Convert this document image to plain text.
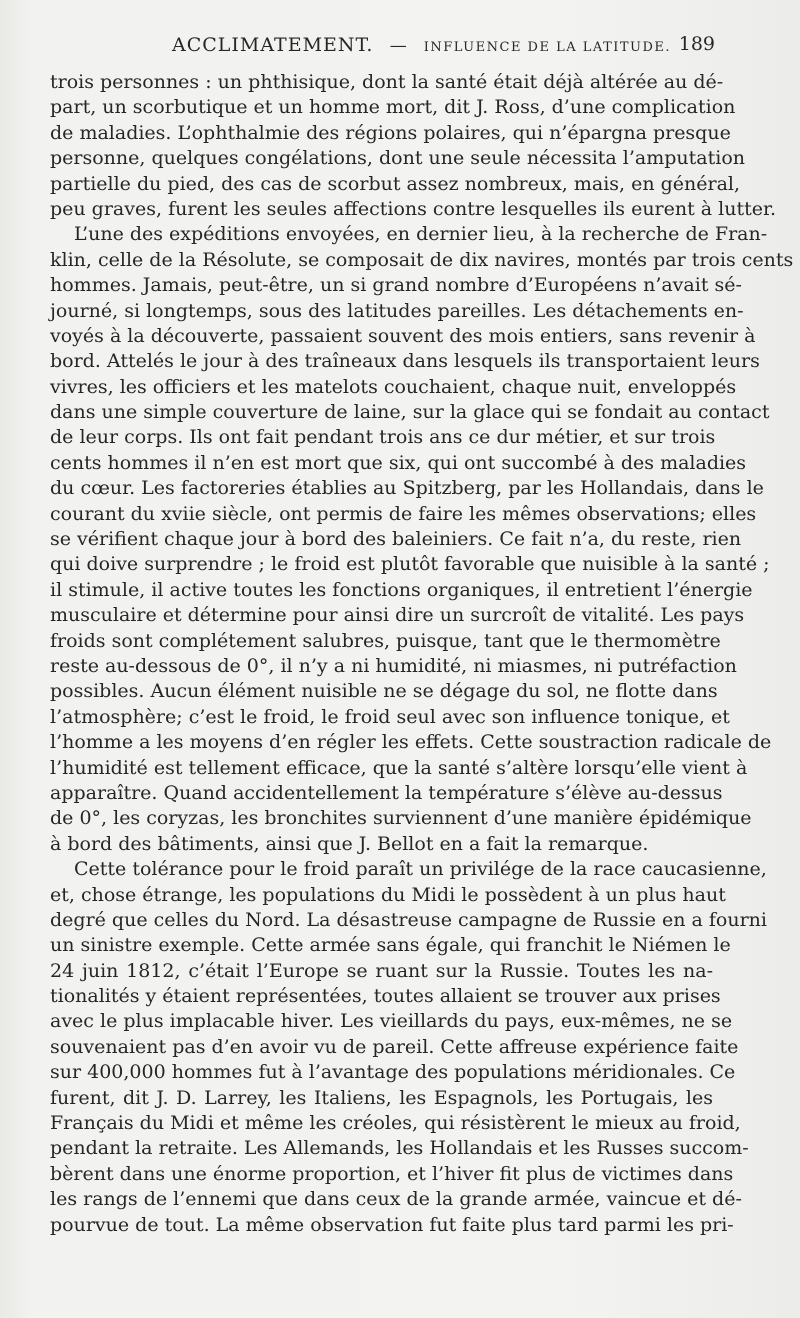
ACCLIMATEMENT. — INFLUENCE DE LA LATITUDE. 189
trois personnes : un phthisique, dont la santé était déjà altérée au dé-
part, un scorbutique et un homme mort, dit J. Ross, d’une complication
de maladies. L’ophthalmie des régions polaires, qui n’épargna presque
personne, quelques congélations, dont une seule nécessita l’amputation
partielle du pied, des cas de scorbut assez nombreux, mais, en général,
peu graves, furent les seules affections contre lesquelles ils eurent à lutter.
L’une des expéditions envoyées, en dernier lieu, à la recherche de Fran-
klin, celle de la Résolute, se composait de dix navires, montés par trois cents
hommes. Jamais, peut-être, un si grand nombre d’Européens n’avait sé-
journé, si longtemps, sous des latitudes pareilles. Les détachements en-
voyés à la découverte, passaient souvent des mois entiers, sans revenir à
bord. Attelés le jour à des traîneaux dans lesquels ils transportaient leurs
vivres, les officiers et les matelots couchaient, chaque nuit, enveloppés
dans une simple couverture de laine, sur la glace qui se fondait au contact
de leur corps. Ils ont fait pendant trois ans ce dur métier, et sur trois
cents hommes il n’en est mort que six, qui ont succombé à des maladies
du cœur. Les factoreries établies au Spitzberg, par les Hollandais, dans le
courant du xviie siècle, ont permis de faire les mêmes observations; elles
se vérifient chaque jour à bord des baleiniers. Ce fait n’a, du reste, rien
qui doive surprendre ; le froid est plutôt favorable que nuisible à la santé ;
il stimule, il active toutes les fonctions organiques, il entretient l’énergie
musculaire et détermine pour ainsi dire un surcroît de vitalité. Les pays
froids sont complétement salubres, puisque, tant que le thermomètre
reste au-dessous de 0°, il n’y a ni humidité, ni miasmes, ni putréfaction
possibles. Aucun élément nuisible ne se dégage du sol, ne flotte dans
l’atmosphère; c’est le froid, le froid seul avec son influence tonique, et
l’homme a les moyens d’en régler les effets. Cette soustraction radicale de
l’humidité est tellement efficace, que la santé s’altère lorsqu’elle vient à
apparaître. Quand accidentellement la température s’élève au-dessus
de 0°, les coryzas, les bronchites surviennent d’une manière épidémique
à bord des bâtiments, ainsi que J. Bellot en a fait la remarque.
Cette tolérance pour le froid paraît un privilége de la race caucasienne,
et, chose étrange, les populations du Midi le possèdent à un plus haut
degré que celles du Nord. La désastreuse campagne de Russie en a fourni
un sinistre exemple. Cette armée sans égale, qui franchit le Niémen le
24 juin 1812, c’était l’Europe se ruant sur la Russie. Toutes les na-
tionalités y étaient représentées, toutes allaient se trouver aux prises
avec le plus implacable hiver. Les vieillards du pays, eux-mêmes, ne se
souvenaient pas d’en avoir vu de pareil. Cette affreuse expérience faite
sur 400,000 hommes fut à l’avantage des populations méridionales. Ce
furent, dit J. D. Larrey, les Italiens, les Espagnols, les Portugais, les
Français du Midi et même les créoles, qui résistèrent le mieux au froid,
pendant la retraite. Les Allemands, les Hollandais et les Russes succom-
bèrent dans une énorme proportion, et l’hiver fit plus de victimes dans
les rangs de l’ennemi que dans ceux de la grande armée, vaincue et dé-
pourvue de tout. La même observation fut faite plus tard parmi les pri-
